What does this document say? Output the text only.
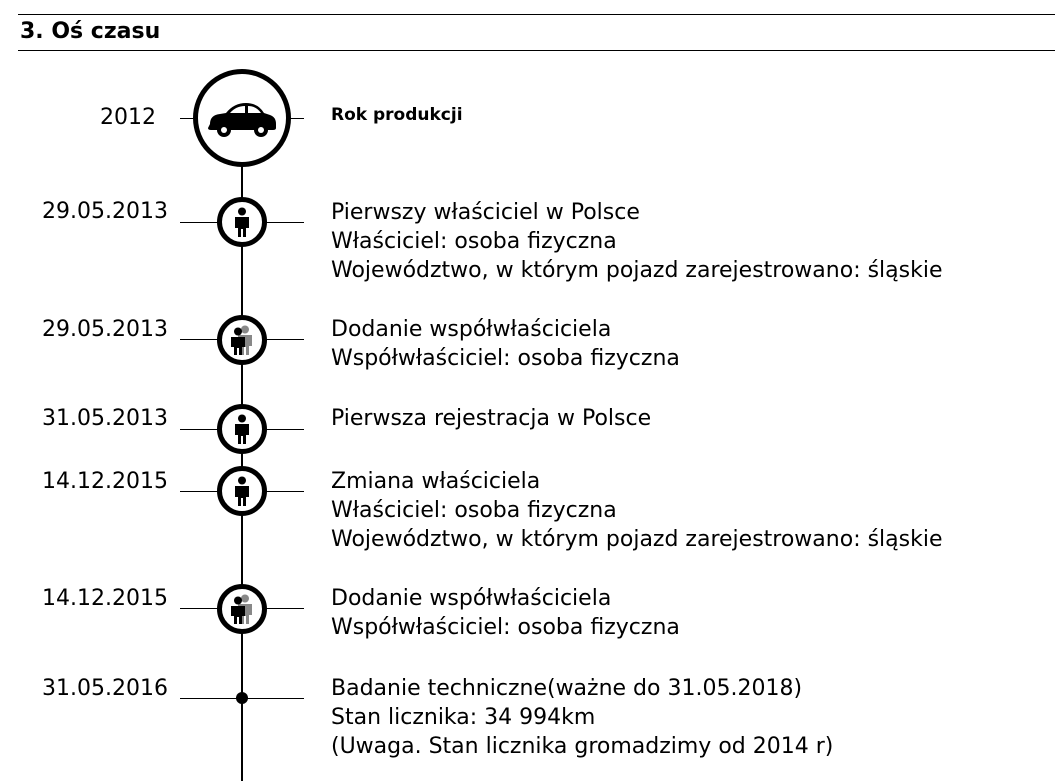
3. Oś czasu
2012	Rok produkcji
29.05.2013	Pierwszy właściciel w Polsce
Właściciel: osoba fizyczna
Województwo, w którym pojazd zarejestrowano: śląskie
29.05.2013	Dodanie współwłaściciela
Współwłaściciel: osoba fizyczna
31.05.2013	Pierwsza rejestracja w Polsce
14.12.2015	Zmiana właściciela
Właściciel: osoba fizyczna
Województwo, w którym pojazd zarejestrowano: śląskie
14.12.2015	Dodanie współwłaściciela
Współwłaściciel: osoba fizyczna
31.05.2016	Badanie techniczne(ważne do 31.05.2018)
Stan licznika: 34 994km
(Uwaga. Stan licznika gromadzimy od 2014 r)
